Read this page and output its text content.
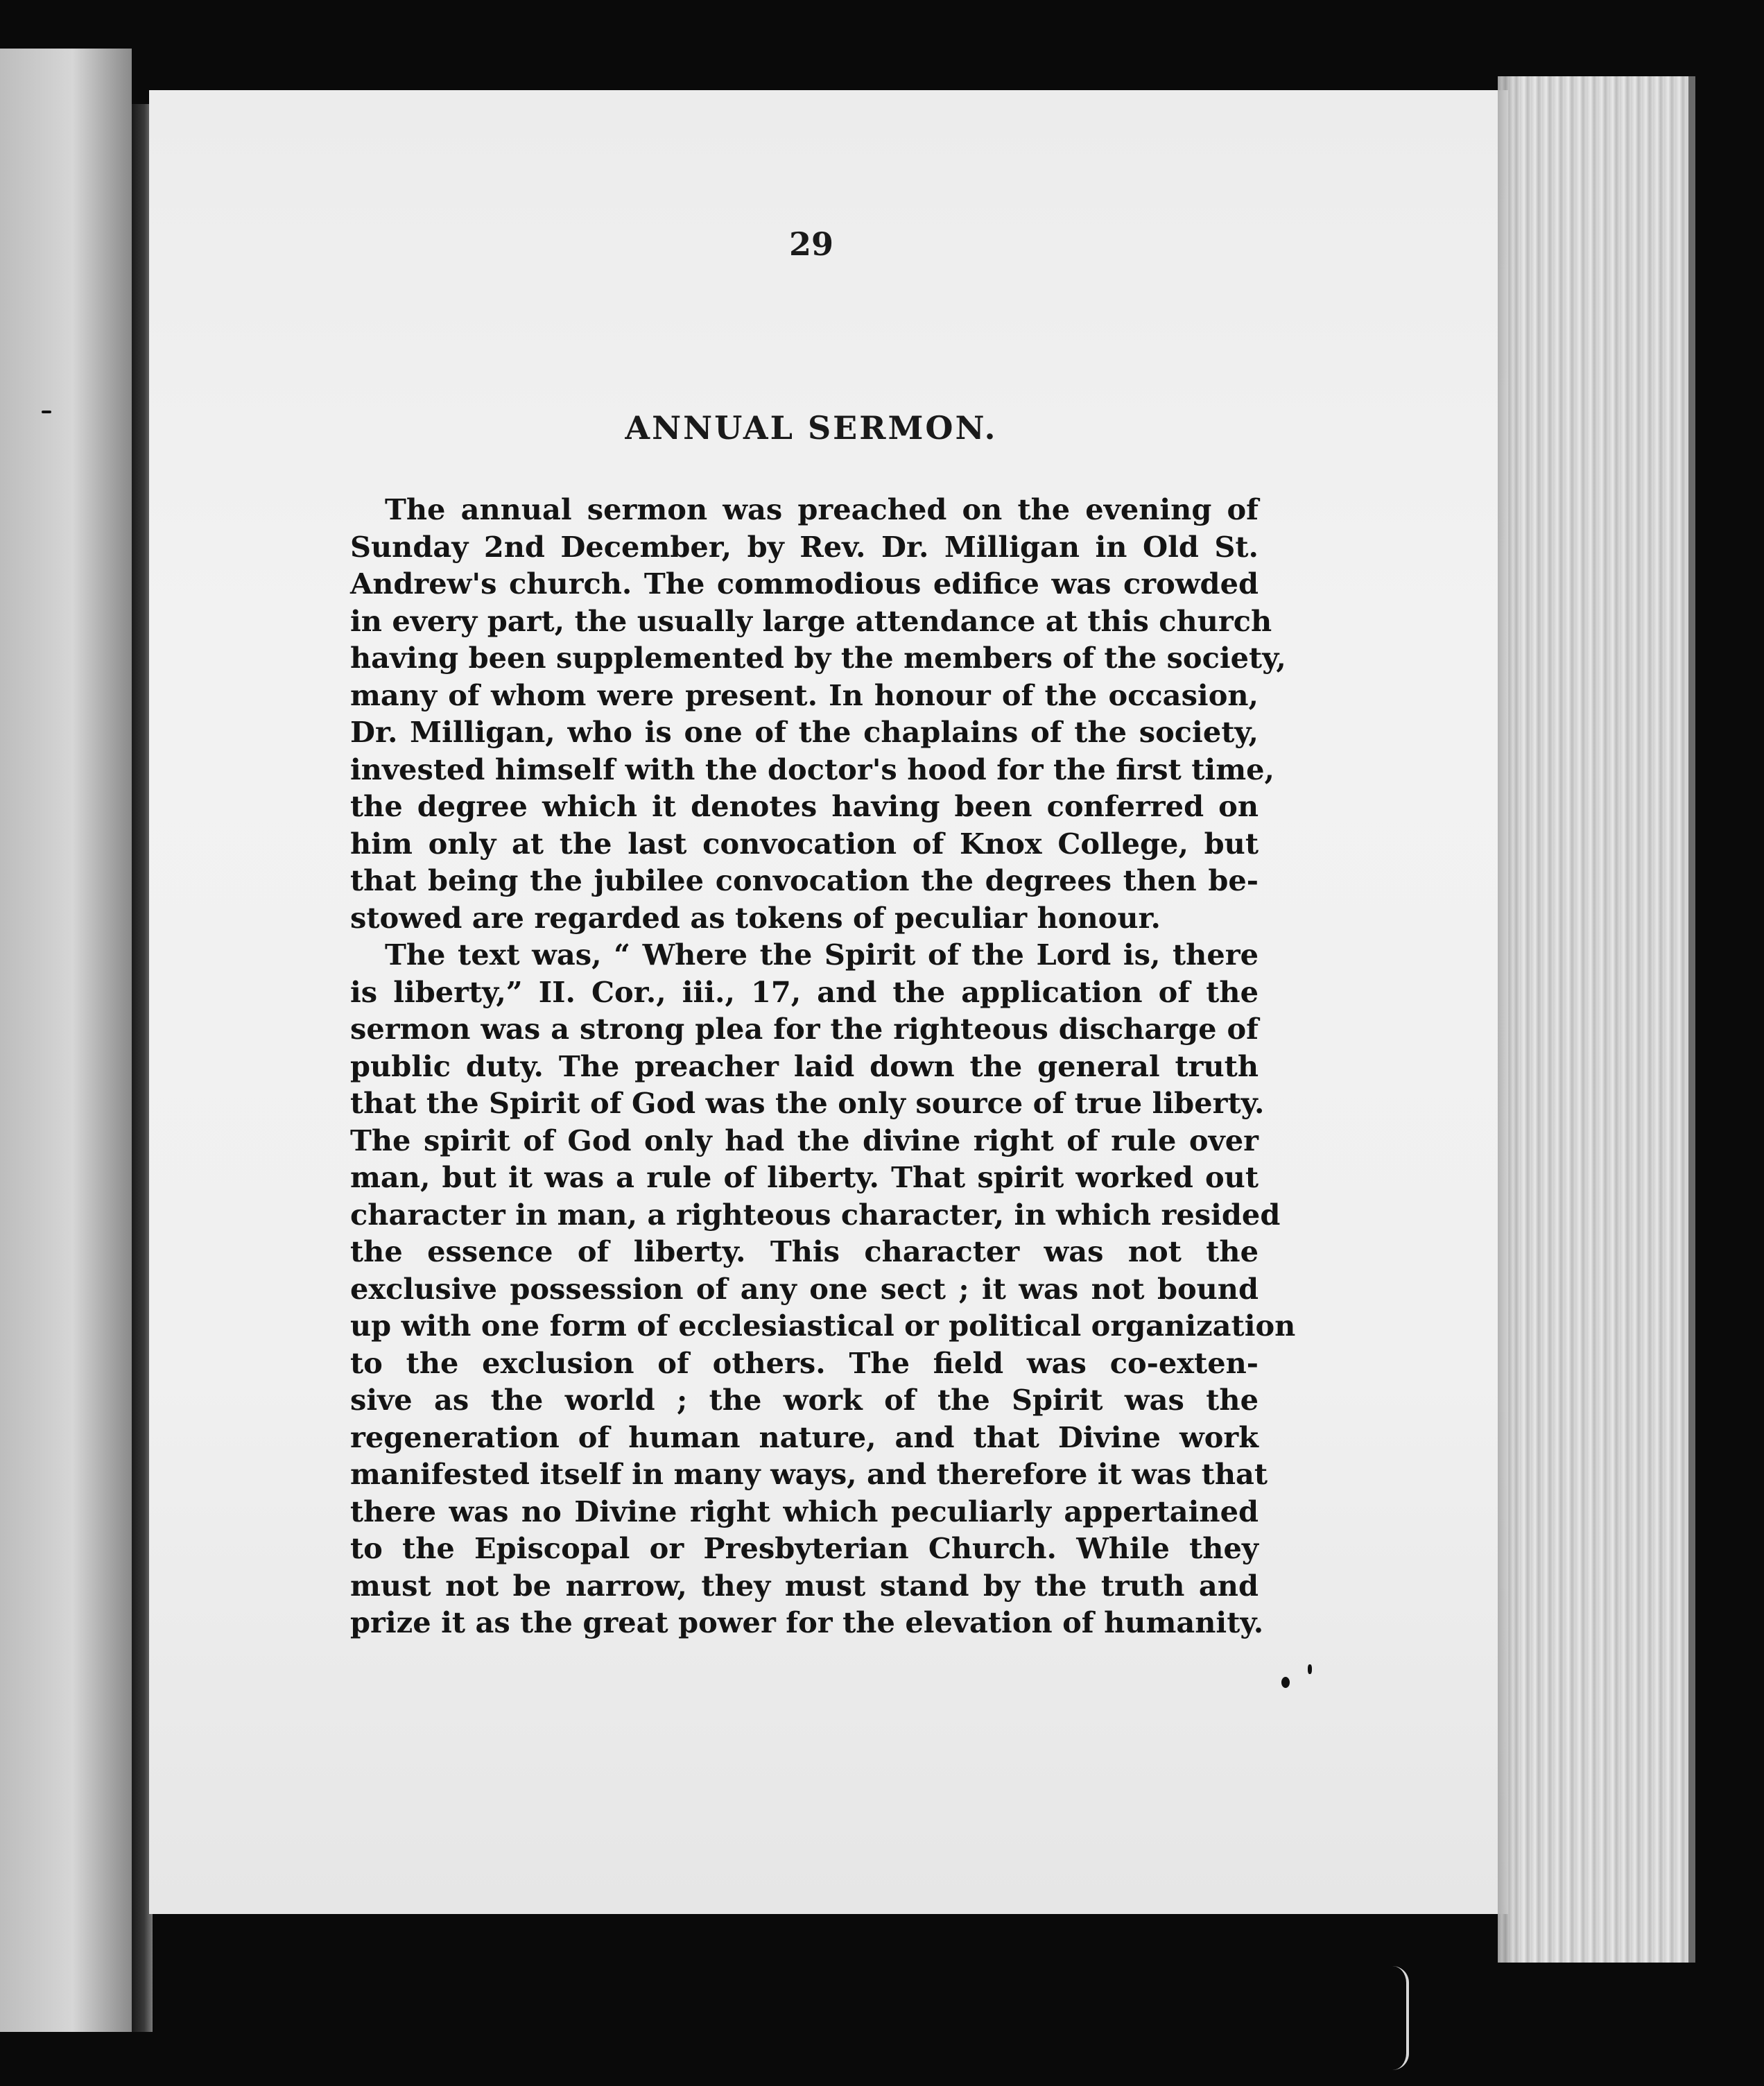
29
ANNUAL SERMON.
The annual sermon was preached on the evening of
Sunday 2nd December, by Rev. Dr. Milligan in Old St.
Andrew's church. The commodious edifice was crowded
in every part, the usually large attendance at this church
having been supplemented by the members of the society,
many of whom were present. In honour of the occasion,
Dr. Milligan, who is one of the chaplains of the society,
invested himself with the doctor's hood for the first time,
the degree which it denotes having been conferred on
him only at the last convocation of Knox College, but
that being the jubilee convocation the degrees then be-
stowed are regarded as tokens of peculiar honour.
The text was, “ Where the Spirit of the Lord is, there
is liberty,” II. Cor., iii., 17, and the application of the
sermon was a strong plea for the righteous discharge of
public duty. The preacher laid down the general truth
that the Spirit of God was the only source of true liberty.
The spirit of God only had the divine right of rule over
man, but it was a rule of liberty. That spirit worked out
character in man, a righteous character, in which resided
the essence of liberty. This character was not the
exclusive possession of any one sect ; it was not bound
up with one form of ecclesiastical or political organization
to the exclusion of others. The field was co-exten-
sive as the world ; the work of the Spirit was the
regeneration of human nature, and that Divine work
manifested itself in many ways, and therefore it was that
there was no Divine right which peculiarly appertained
to the Episcopal or Presbyterian Church. While they
must not be narrow, they must stand by the truth and
prize it as the great power for the elevation of humanity.
